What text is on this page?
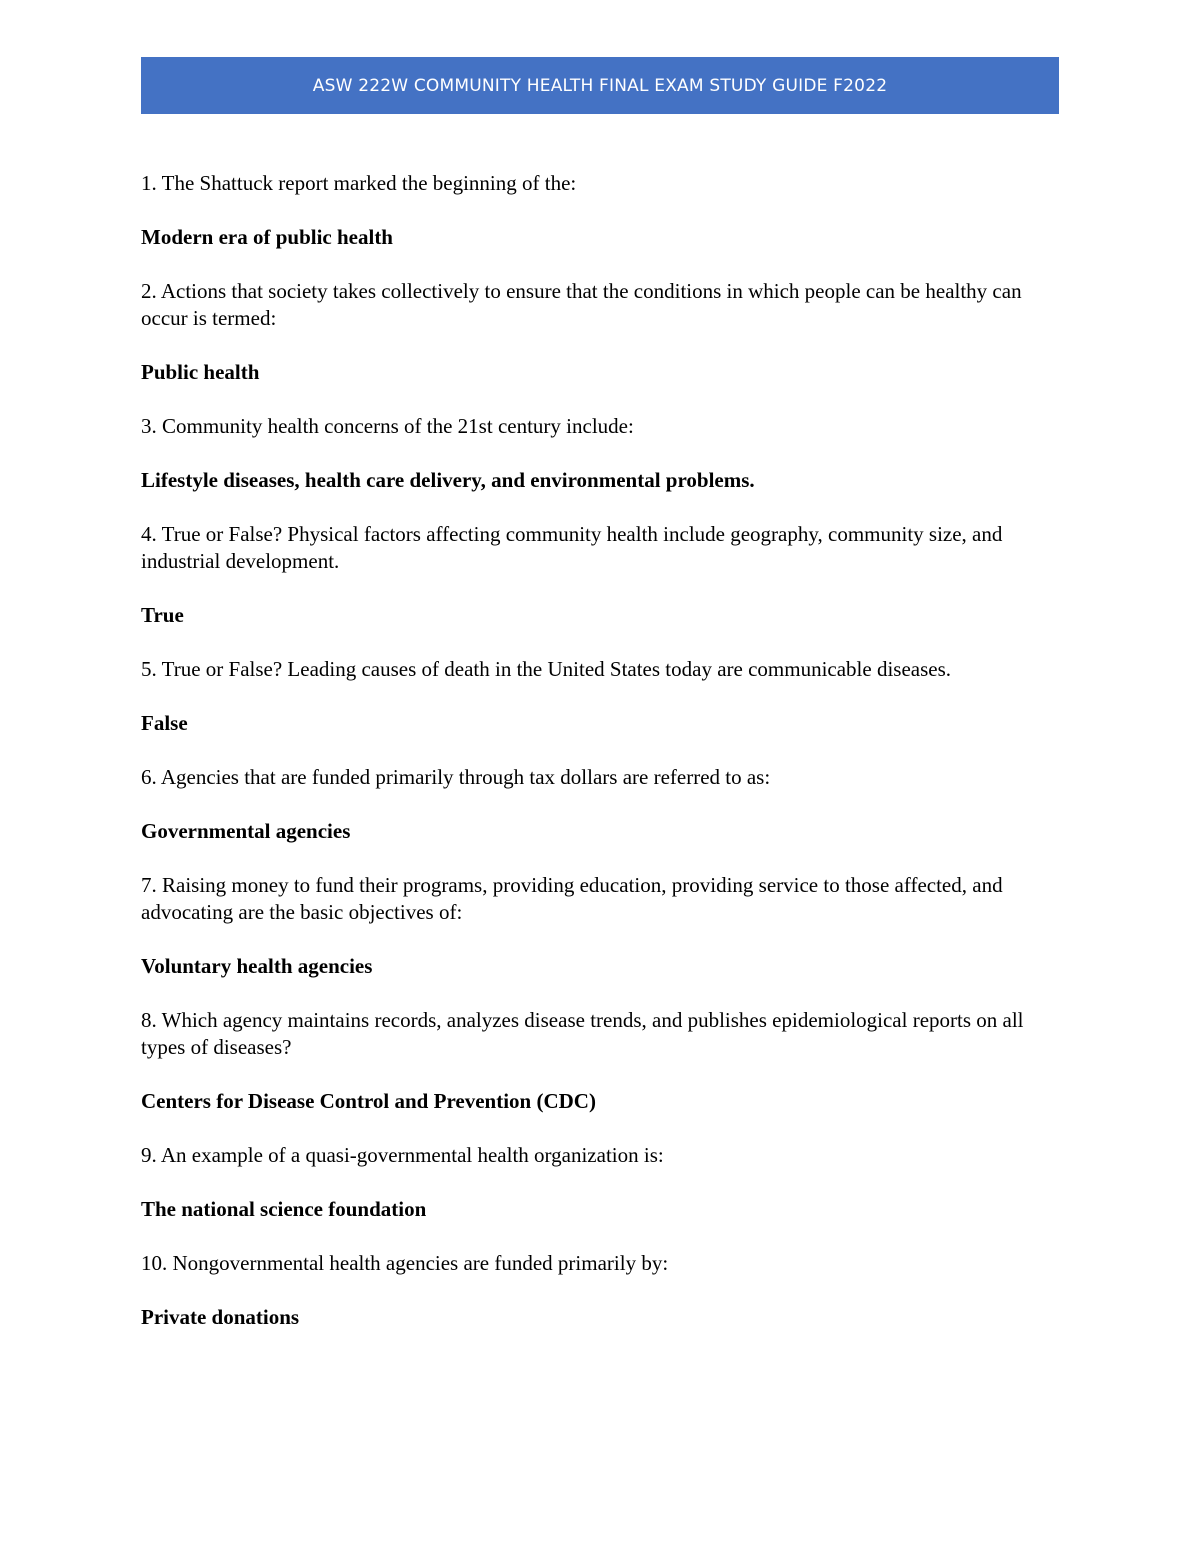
ASW 222W COMMUNITY HEALTH FINAL EXAM STUDY GUIDE F2022

1. The Shattuck report marked the beginning of the:

Modern era of public health

2. Actions that society takes collectively to ensure that the conditions in which people can be healthy can occur is termed:

Public health

3. Community health concerns of the 21st century include:

Lifestyle diseases, health care delivery, and environmental problems.

4. True or False? Physical factors affecting community health include geography, community size, and industrial development.

True

5. True or False? Leading causes of death in the United States today are communicable diseases.

False

6. Agencies that are funded primarily through tax dollars are referred to as:

Governmental agencies

7. Raising money to fund their programs, providing education, providing service to those affected, and advocating are the basic objectives of:

Voluntary health agencies

8. Which agency maintains records, analyzes disease trends, and publishes epidemiological reports on all types of diseases?

Centers for Disease Control and Prevention (CDC)

9. An example of a quasi-governmental health organization is:

The national science foundation

10. Nongovernmental health agencies are funded primarily by:

Private donations
